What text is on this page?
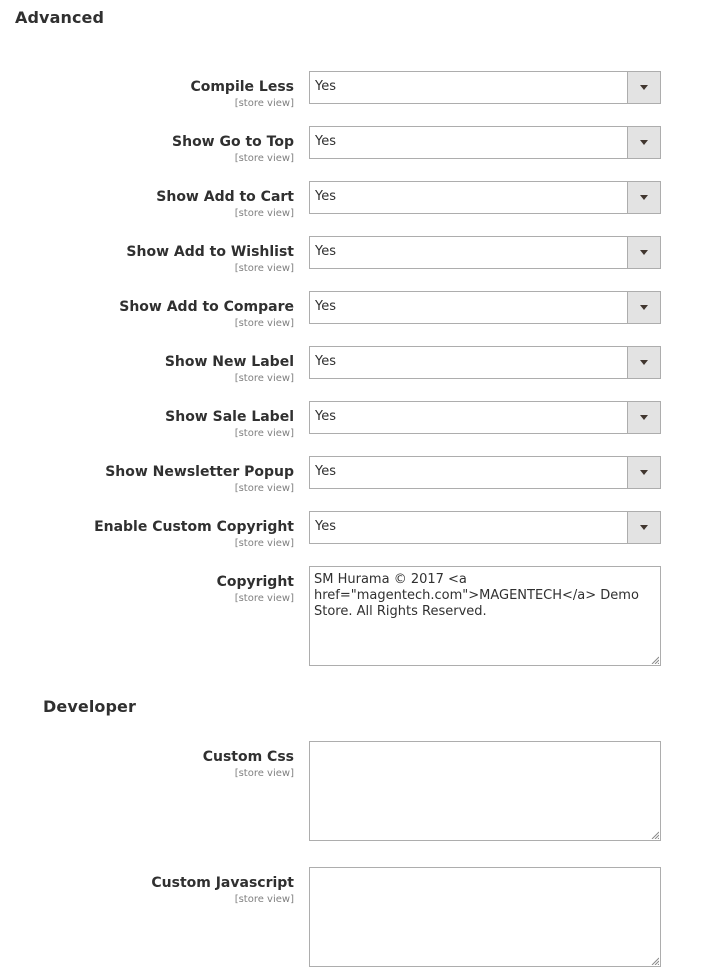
Advanced
Compile Less
[store view]
Yes
Show Go to Top
[store view]
Yes
Show Add to Cart
[store view]
Yes
Show Add to Wishlist
[store view]
Yes
Show Add to Compare
[store view]
Yes
Show New Label
[store view]
Yes
Show Sale Label
[store view]
Yes
Show Newsletter Popup
[store view]
Yes
Enable Custom Copyright
[store view]
Yes
Copyright
[store view]
SM Hurama © 2017 <a href="magentech.com">MAGENTECH</a> Demo Store. All Rights Reserved.
Developer
Custom Css
[store view]
Custom Javascript
[store view]
